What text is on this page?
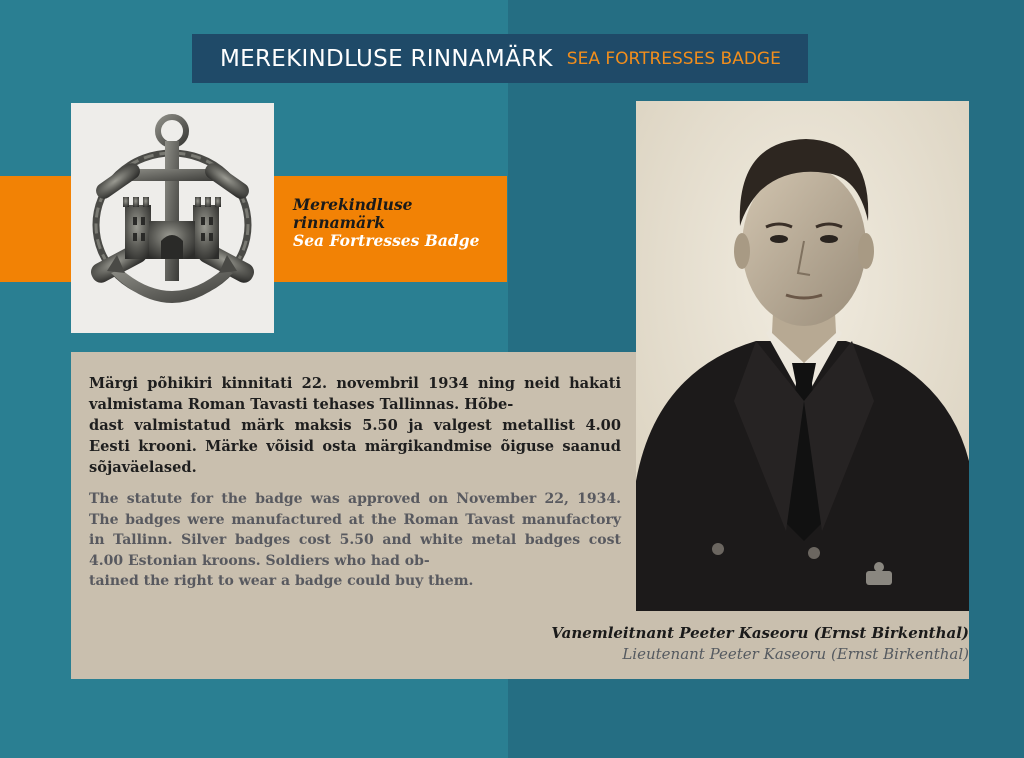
MEREKINDLUSE RINNAMÄRK SEA FORTRESSES BADGE
Merekindluse
rinnamärk
Sea Fortresses Badge

Märgi põhikiri kinnitati 22. novembril 1934 ning neid hakati valmistama Roman Tavasti tehases Tallinnas. Hõbe-
dast valmistatud märk maksis 5.50 ja valgest metallist 4.00 Eesti krooni. Märke võisid osta märgikandmise õiguse saanud sõjaväelased.

The statute for the badge was approved on November 22, 1934. The badges were manufactured at the Roman Tavast manufactory in Tallinn. Silver badges cost 5.50 and white metal badges cost 4.00 Estonian kroons. Soldiers who had ob-
tained the right to wear a badge could buy them.

Vanemleitnant Peeter Kaseoru (Ernst Birkenthal)
Lieutenant Peeter Kaseoru (Ernst Birkenthal)
